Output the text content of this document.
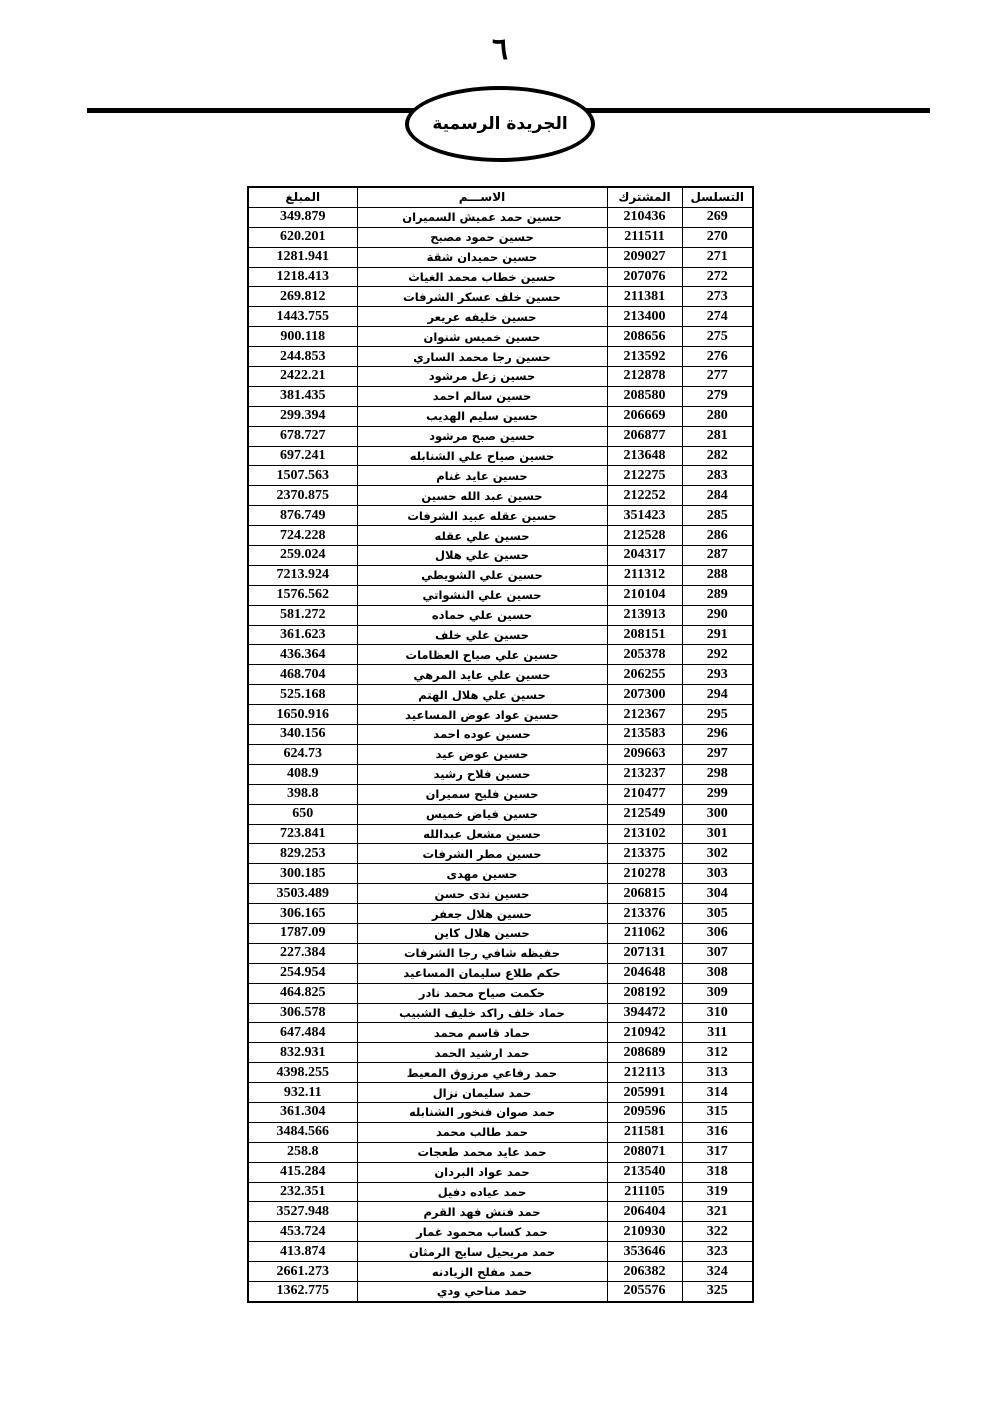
٦
الجريدة الرسمية
التسلسل	المشترك	الاســـم	المبلغ
269	210436	حسين حمد عميش السميران	349.879
270	211511	حسين حمود مصبح	620.201
271	209027	حسين حميدان شقة	1281.941
272	207076	حسين خطاب محمد الغياث	1218.413
273	211381	حسين خلف عسكر الشرفات	269.812
274	213400	حسين خليفه عريعر	1443.755
275	208656	حسين خميس شنوان	900.118
276	213592	حسين رجا محمد الساري	244.853
277	212878	حسين زعل مرشود	2422.21
279	208580	حسين سالم احمد	381.435
280	206669	حسين سليم الهديب	299.394
281	206877	حسين صبح مرشود	678.727
282	213648	حسين صياح علي الشنابله	697.241
283	212275	حسين عايد غنام	1507.563
284	212252	حسين عبد الله حسين	2370.875
285	351423	حسين عقله عبيد الشرفات	876.749
286	212528	حسين علي عقله	724.228
287	204317	حسين علي هلال	259.024
288	211312	حسين علي الشويطي	7213.924
289	210104	حسين علي النشواتي	1576.562
290	213913	حسين علي حماده	581.272
291	208151	حسين علي خلف	361.623
292	205378	حسين علي صياح العظامات	436.364
293	206255	حسين علي عايد المرهي	468.704
294	207300	حسين علي هلال الهتم	525.168
295	212367	حسين عواد عوض المساعيد	1650.916
296	213583	حسين عوده احمد	340.156
297	209663	حسين عوض عيد	624.73
298	213237	حسين فلاح رشيد	408.9
299	210477	حسين فليح سميران	398.8
300	212549	حسين فياض خميس	650
301	213102	حسين مشعل عبدالله	723.841
302	213375	حسين مطر الشرفات	829.253
303	210278	حسين مهدى	300.185
304	206815	حسين ندى حسن	3503.489
305	213376	حسين هلال جعفر	306.165
306	211062	حسين هلال كاين	1787.09
307	207131	حفيظه شافي رجا الشرفات	227.384
308	204648	حكم طلاع سليمان المساعيد	254.954
309	208192	حكمت صياح محمد نادر	464.825
310	394472	حماد خلف راكد خليف الشبيب	306.578
311	210942	حماد قاسم محمد	647.484
312	208689	حمد ارشيد الحمد	832.931
313	212113	حمد رفاعي مرزوق المعيط	4398.255
314	205991	حمد سليمان نزال	932.11
315	209596	حمد صوان فنخور الشنابله	361.304
316	211581	حمد طالب محمد	3484.566
317	208071	حمد عايد محمد طعجات	258.8
318	213540	حمد عواد البردان	415.284
319	211105	حمد عياده دفيل	232.351
321	206404	حمد فنش فهد القرم	3527.948
322	210930	حمد كساب محمود غمار	453.724
323	353646	حمد مريحيل سايج الرمثان	413.874
324	206382	حمد مفلح الزيادنه	2661.273
325	205576	حمد مناحي ودي	1362.775
